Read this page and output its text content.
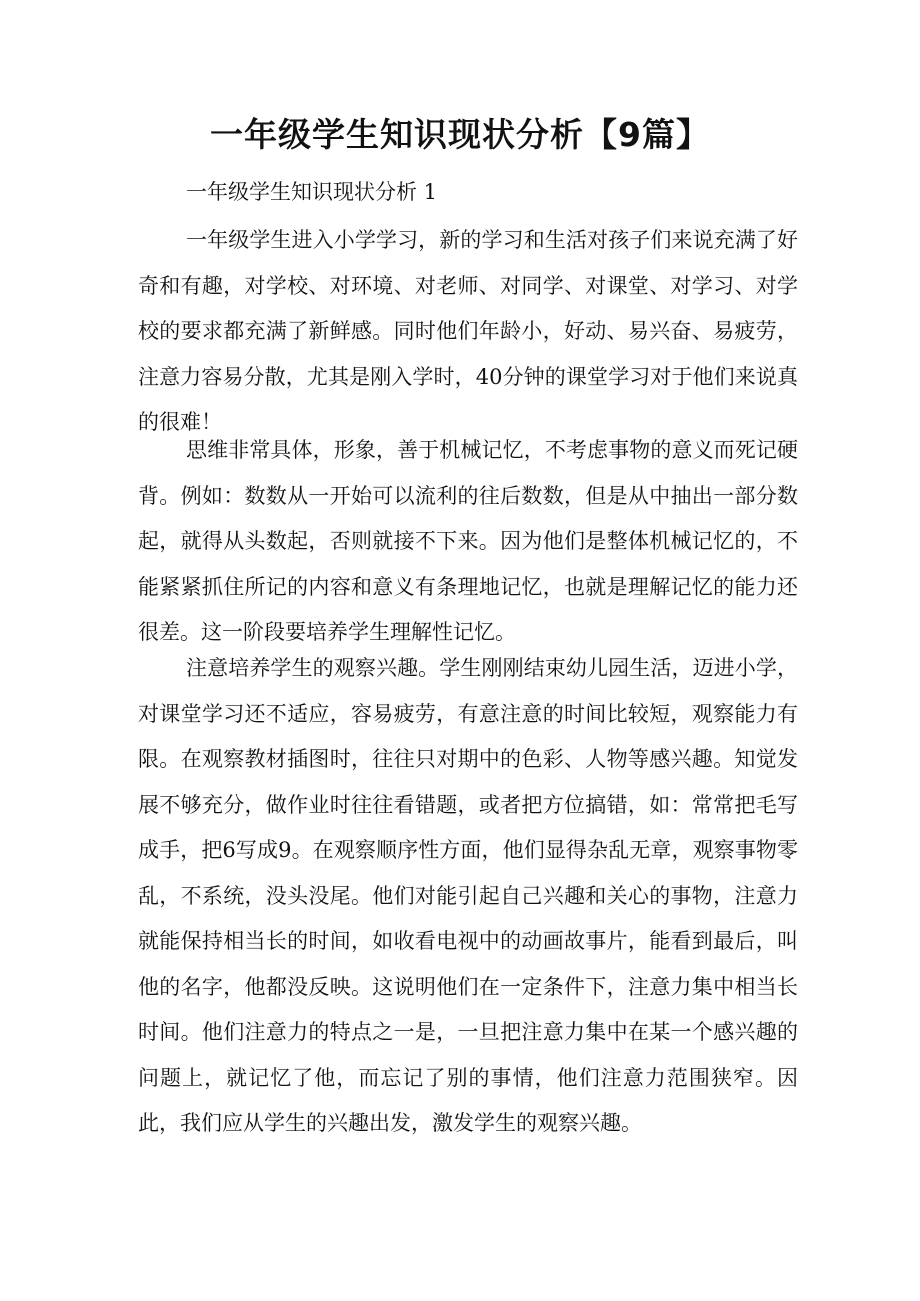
一年级学生知识现状分析【9篇】

一年级学生知识现状分析 1

一年级学生进入小学学习，新的学习和生活对孩子们来说充满了好奇和有趣，对学校、对环境、对老师、对同学、对课堂、对学习、对学校的要求都充满了新鲜感。同时他们年龄小，好动、易兴奋、易疲劳，注意力容易分散，尤其是刚入学时，40分钟的课堂学习对于他们来说真的很难！

思维非常具体，形象，善于机械记忆，不考虑事物的意义而死记硬背。例如：数数从一开始可以流利的往后数数，但是从中抽出一部分数起，就得从头数起，否则就接不下来。因为他们是整体机械记忆的，不能紧紧抓住所记的内容和意义有条理地记忆，也就是理解记忆的能力还很差。这一阶段要培养学生理解性记忆。

注意培养学生的观察兴趣。学生刚刚结束幼儿园生活，迈进小学，对课堂学习还不适应，容易疲劳，有意注意的时间比较短，观察能力有限。在观察教材插图时，往往只对期中的色彩、人物等感兴趣。知觉发展不够充分，做作业时往往看错题，或者把方位搞错，如：常常把毛写成手，把6写成9。在观察顺序性方面，他们显得杂乱无章，观察事物零乱，不系统，没头没尾。他们对能引起自己兴趣和关心的事物，注意力就能保持相当长的时间，如收看电视中的动画故事片，能看到最后，叫他的名字，他都没反映。这说明他们在一定条件下，注意力集中相当长时间。他们注意力的特点之一是，一旦把注意力集中在某一个感兴趣的问题上，就记忆了他，而忘记了别的事情，他们注意力范围狭窄。因此，我们应从学生的兴趣出发，激发学生的观察兴趣。
